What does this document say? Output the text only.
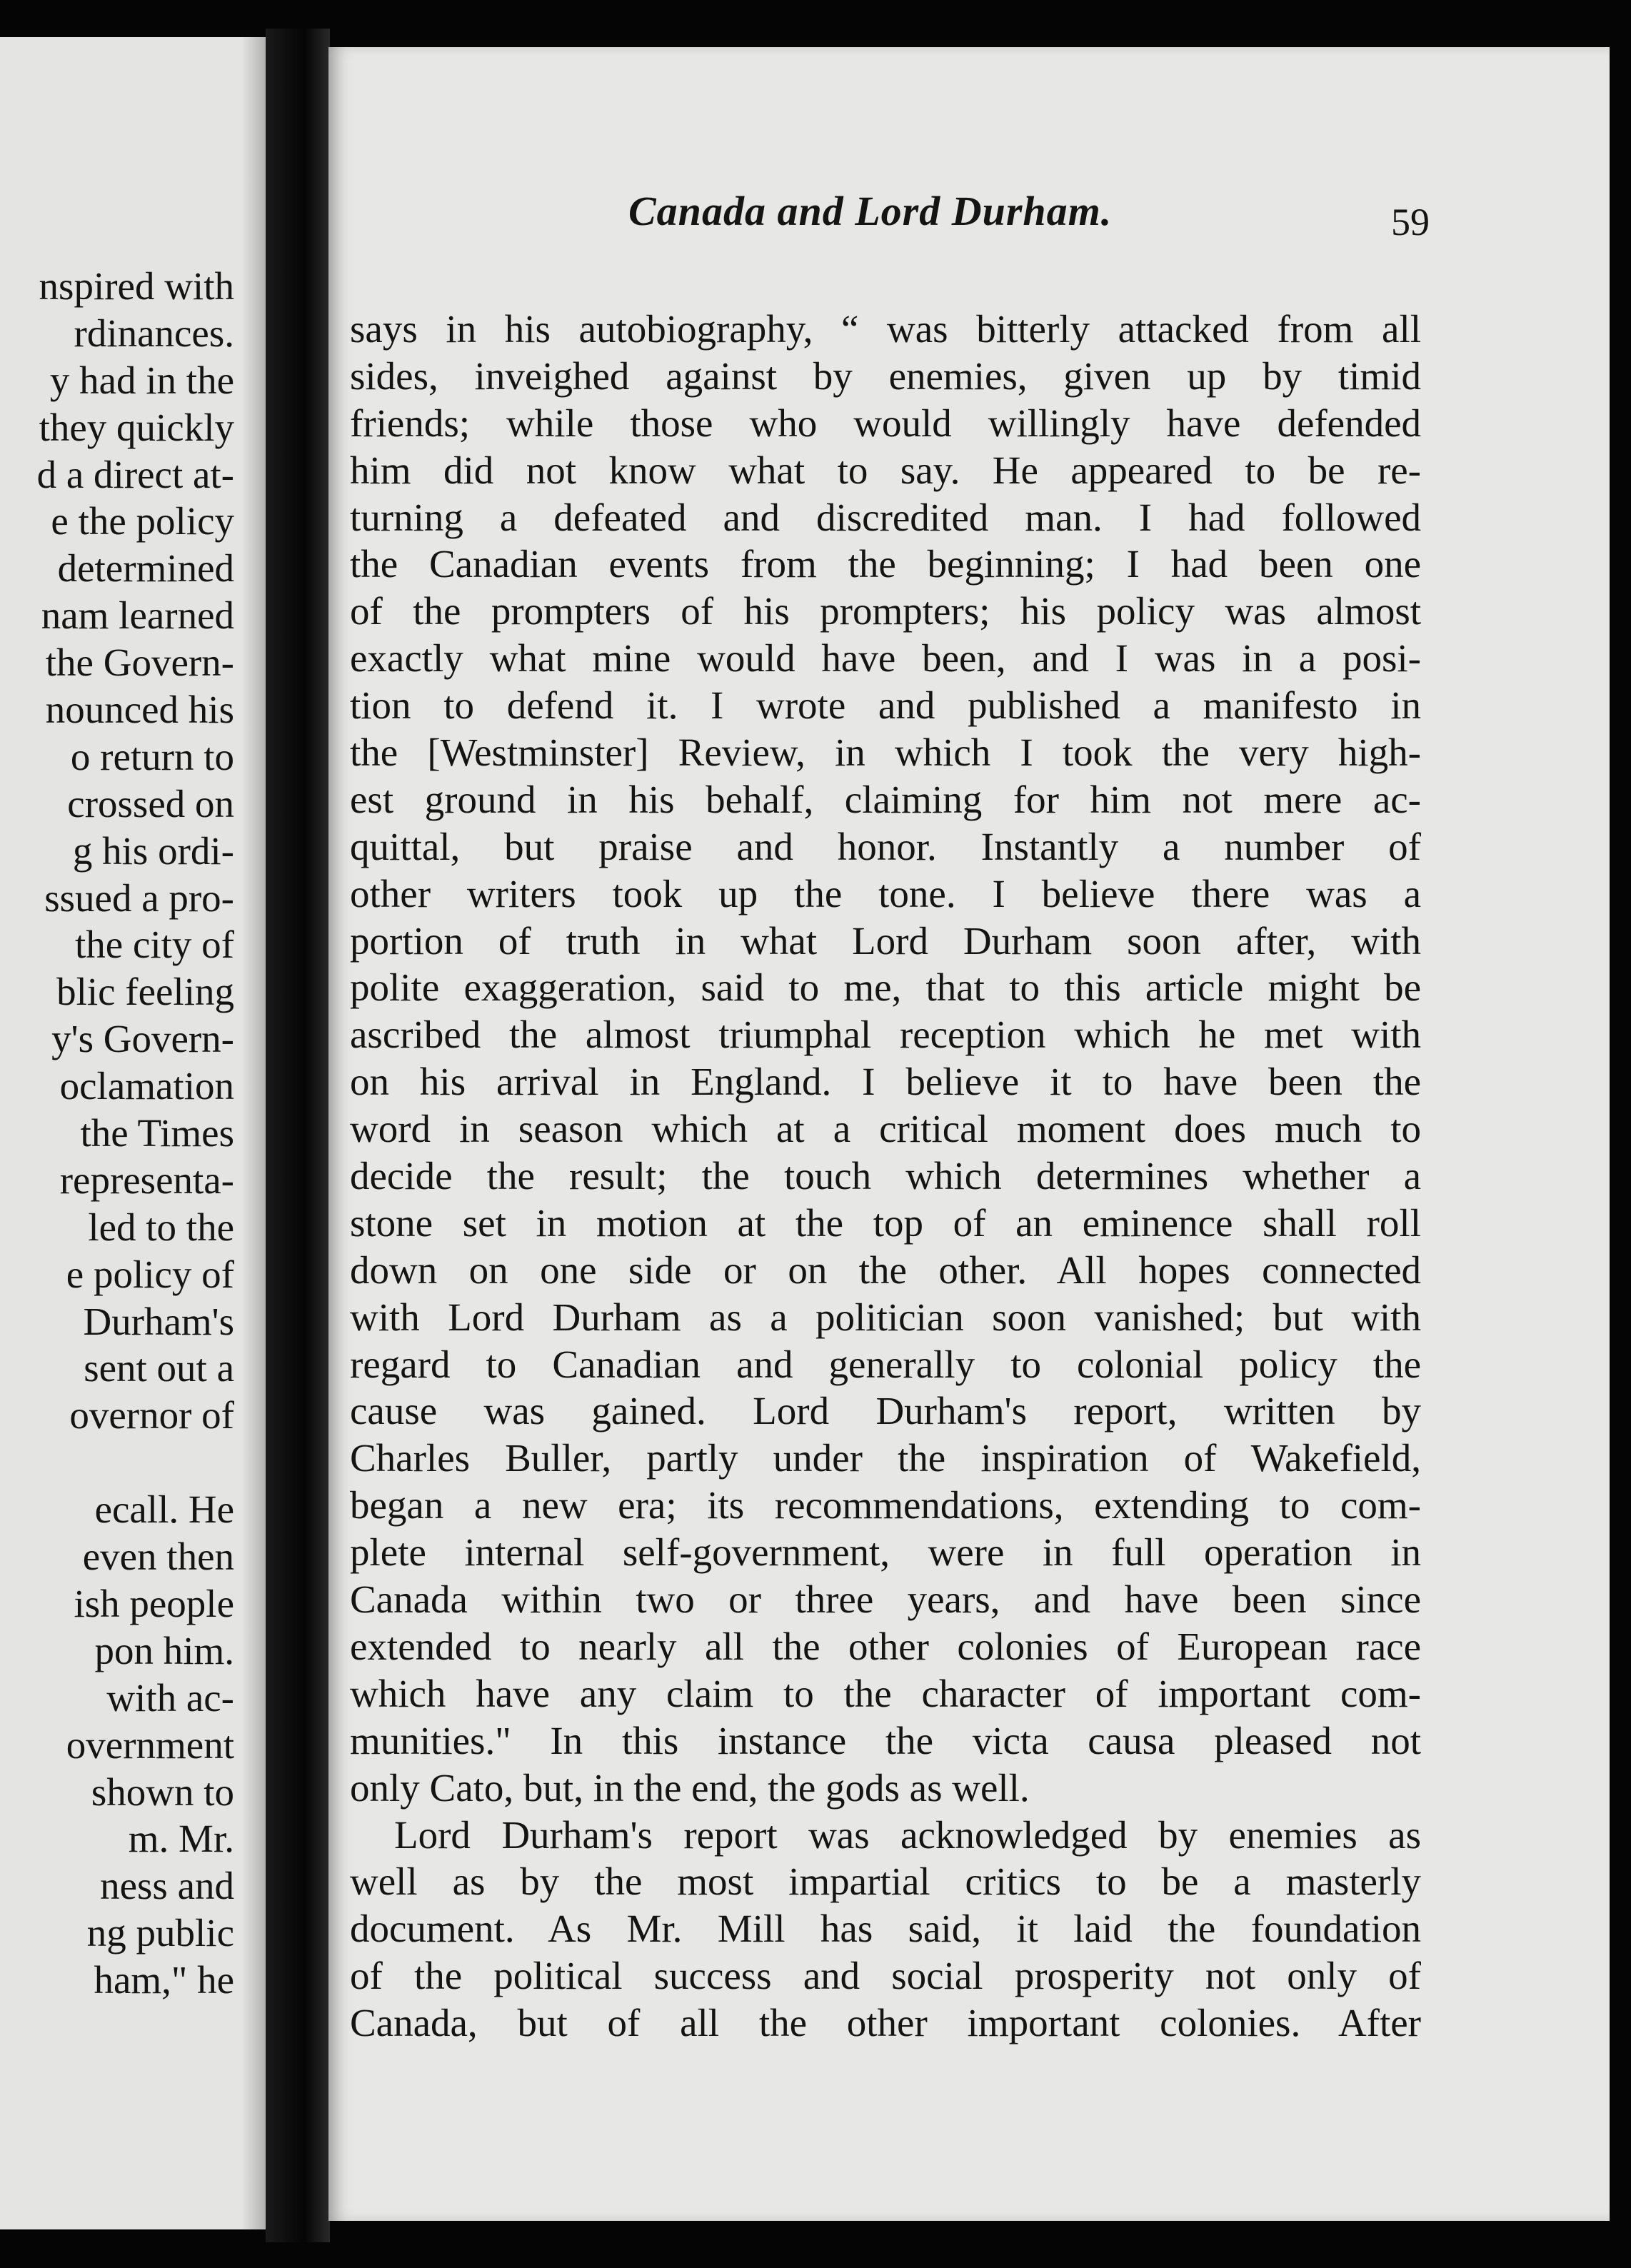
nspired with
rdinances.
y had in the
they quickly
d a direct at-
e the policy
determined
nam learned
the Govern-
nounced his
o return to
crossed on
g his ordi-
ssued a pro-
the city of
blic feeling
y's Govern-
oclamation
the Times
representa-
led to the
e policy of
Durham's
sent out a
overnor of
ecall. He
even then
ish people
pon him.
with ac-
overnment
shown to
m. Mr.
ness and
ng public
ham," he
Canada and Lord Durham.	59

says in his autobiography, “ was bitterly attacked from all
sides, inveighed against by enemies, given up by timid
friends; while those who would willingly have defended
him did not know what to say. He appeared to be re-
turning a defeated and discredited man. I had followed
the Canadian events from the beginning; I had been one
of the prompters of his prompters; his policy was almost
exactly what mine would have been, and I was in a posi-
tion to defend it. I wrote and published a manifesto in
the [Westminster] Review, in which I took the very high-
est ground in his behalf, claiming for him not mere ac-
quittal, but praise and honor. Instantly a number of
other writers took up the tone. I believe there was a
portion of truth in what Lord Durham soon after, with
polite exaggeration, said to me, that to this article might be
ascribed the almost triumphal reception which he met with
on his arrival in England. I believe it to have been the
word in season which at a critical moment does much to
decide the result; the touch which determines whether a
stone set in motion at the top of an eminence shall roll
down on one side or on the other. All hopes connected
with Lord Durham as a politician soon vanished; but with
regard to Canadian and generally to colonial policy the
cause was gained. Lord Durham's report, written by
Charles Buller, partly under the inspiration of Wakefield,
began a new era; its recommendations, extending to com-
plete internal self-government, were in full operation in
Canada within two or three years, and have been since
extended to nearly all the other colonies of European race
which have any claim to the character of important com-
munities." In this instance the victa causa pleased not
only Cato, but, in the end, the gods as well.
Lord Durham's report was acknowledged by enemies as
well as by the most impartial critics to be a masterly
document. As Mr. Mill has said, it laid the foundation
of the political success and social prosperity not only of
Canada, but of all the other important colonies. After
